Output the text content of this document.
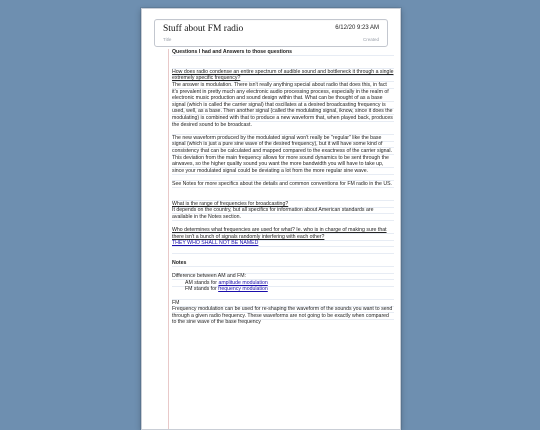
Stuff about FM radio	6/12/20 9:23 AM
Title	Created

Questions I had and Answers to those questions

How does radio condense an entire spectrum of audible sound and bottleneck it through a single extremely specific frequency?

The answer is modulation. There isn't really anything special about radio that does this, in fact it's prevalent in pretty much any electronic audio processing process, especially in the realm of electronic music production and sound design within that. What can be thought of as a base signal (which is called the carrier signal) that oscillates at a desired broadcasting frequency is used, well, as a base. Then another signal (called the modulating signal, iknow, since it does the modulating) is combined with that to produce a new waveform that, when played back, produces the desired sound to be broadcast.

The new waveform produced by the modulated signal won't really be "regular" like the base signal (which is just a pure sine wave of the desired frequency), but it will have some kind of consistency that can be calculated and mapped compared to the exactness of the carrier signal. This deviation from the main frequency allows for more sound dynamics to be sent through the airwaves, so the higher quality sound you want the more bandwidth you will have to take up, since your modulated signal could be deviating a lot from the more regular sine wave.

See Notes for more specifics about the details and common conventions for FM radio in the US.

What is the range of frequencies for broadcasting?

It depends on the country, but all specifics for information about American standards are available in the Notes section.

Who determines what frequencies are used for what? Ie. who is in charge of making sure that there isn't a bunch of signals randomly interfering with each other?

THEY WHO SHALL NOT BE NAMED

Notes

Difference between AM and FM:

AM stands for amplitude modulation

FM stands for frequency modulation

FM

Frequency modulation can be used for re-shaping the waveform of the sounds you want to send through a given radio frequency. These waveforms are not going to be exactly when compared to the sine wave of the base frequency
